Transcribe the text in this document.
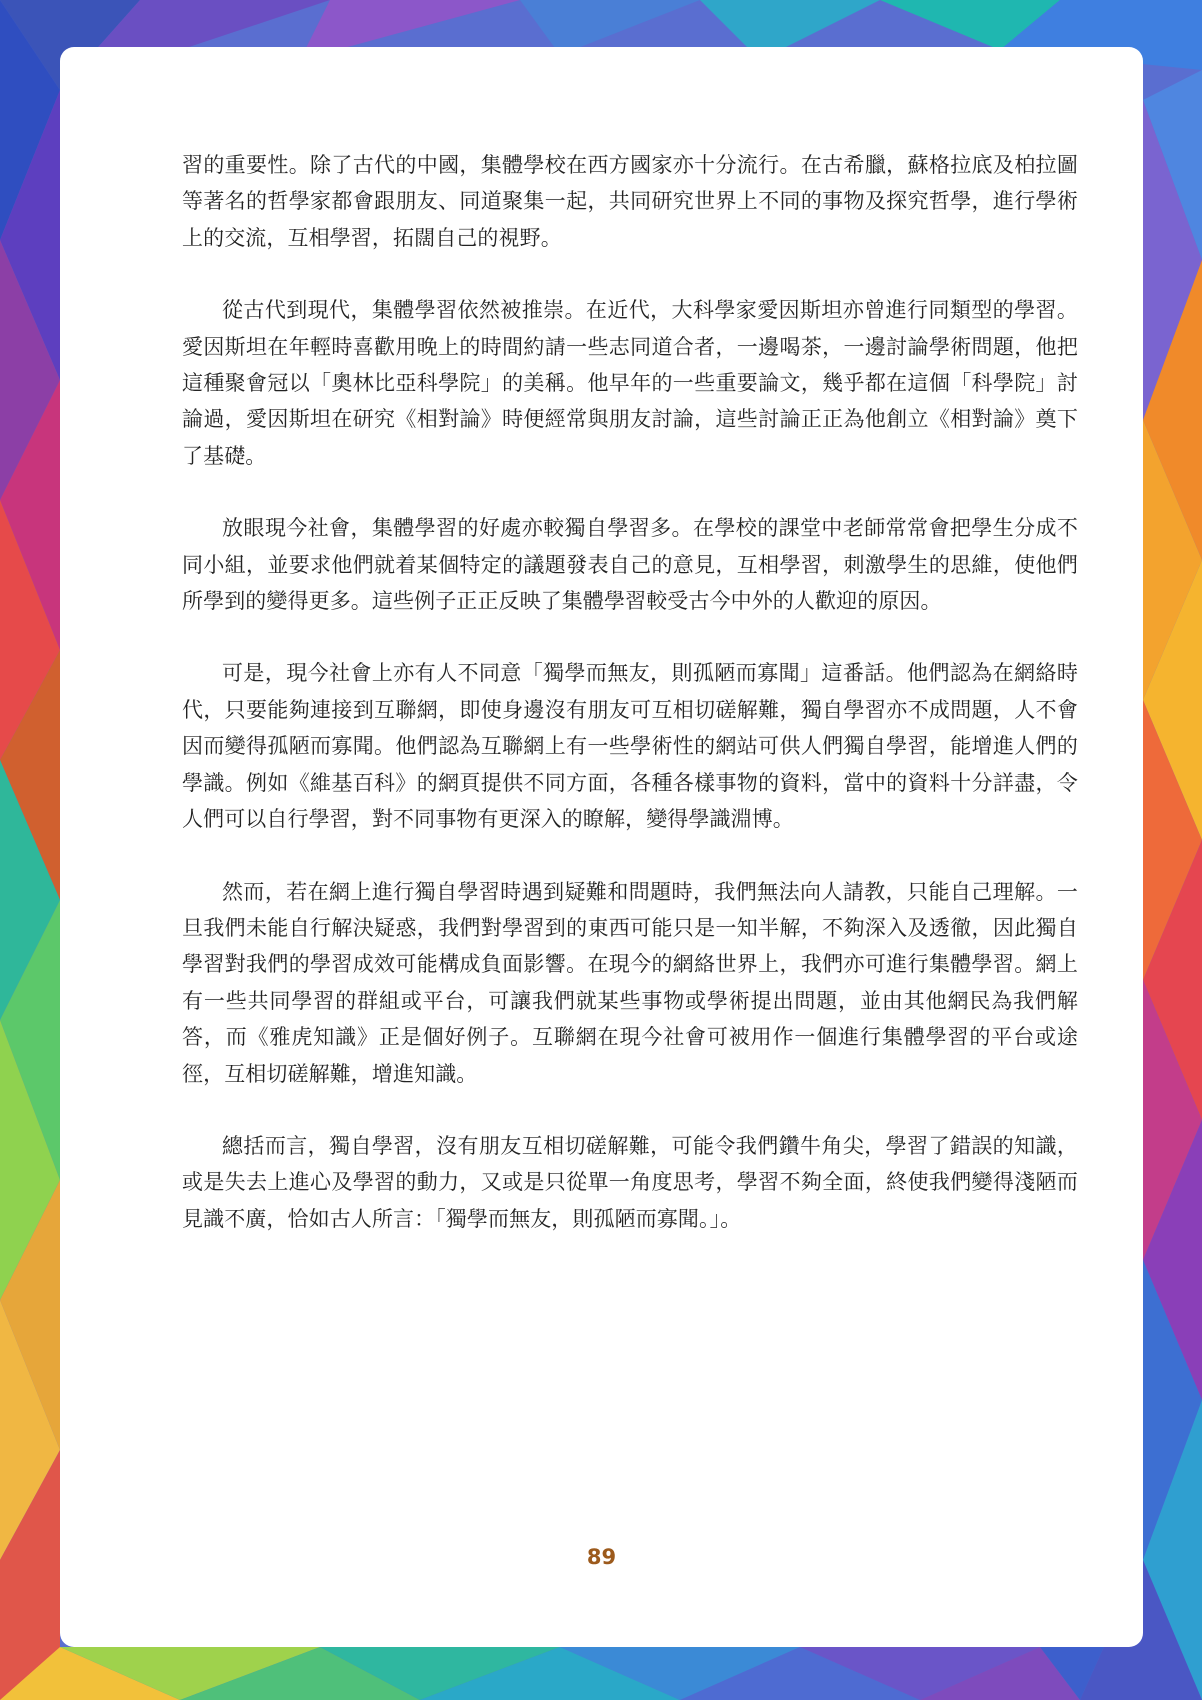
習的重要性。除了古代的中國，集體學校在西方國家亦十分流行。在古希臘，蘇格拉底及柏拉圖等著名的哲學家都會跟朋友、同道聚集一起，共同研究世界上不同的事物及探究哲學，進行學術上的交流，互相學習，拓闊自己的視野。

從古代到現代，集體學習依然被推崇。在近代，大科學家愛因斯坦亦曾進行同類型的學習。愛因斯坦在年輕時喜歡用晚上的時間約請一些志同道合者，一邊喝茶，一邊討論學術問題，他把這種聚會冠以「奧林比亞科學院」的美稱。他早年的一些重要論文，幾乎都在這個「科學院」討論過，愛因斯坦在研究《相對論》時便經常與朋友討論，這些討論正正為他創立《相對論》奠下了基礎。

放眼現今社會，集體學習的好處亦較獨自學習多。在學校的課堂中老師常常會把學生分成不同小組，並要求他們就着某個特定的議題發表自己的意見，互相學習，刺激學生的思維，使他們所學到的變得更多。這些例子正正反映了集體學習較受古今中外的人歡迎的原因。

可是，現今社會上亦有人不同意「獨學而無友，則孤陋而寡聞」這番話。他們認為在網絡時代，只要能夠連接到互聯網，即使身邊沒有朋友可互相切磋解難，獨自學習亦不成問題，人不會因而變得孤陋而寡聞。他們認為互聯網上有一些學術性的網站可供人們獨自學習，能增進人們的學識。例如《維基百科》的網頁提供不同方面，各種各樣事物的資料，當中的資料十分詳盡，令人們可以自行學習，對不同事物有更深入的瞭解，變得學識淵博。

然而，若在網上進行獨自學習時遇到疑難和問題時，我們無法向人請教，只能自己理解。一旦我們未能自行解決疑惑，我們對學習到的東西可能只是一知半解，不夠深入及透徹，因此獨自學習對我們的學習成效可能構成負面影響。在現今的網絡世界上，我們亦可進行集體學習。網上有一些共同學習的群組或平台，可讓我們就某些事物或學術提出問題，並由其他網民為我們解答，而《雅虎知識》正是個好例子。互聯網在現今社會可被用作一個進行集體學習的平台或途徑，互相切磋解難，增進知識。

總括而言，獨自學習，沒有朋友互相切磋解難，可能令我們鑽牛角尖，學習了錯誤的知識，或是失去上進心及學習的動力，又或是只從單一角度思考，學習不夠全面，終使我們變得淺陋而見識不廣，恰如古人所言：「獨學而無友，則孤陋而寡聞。」。

89
